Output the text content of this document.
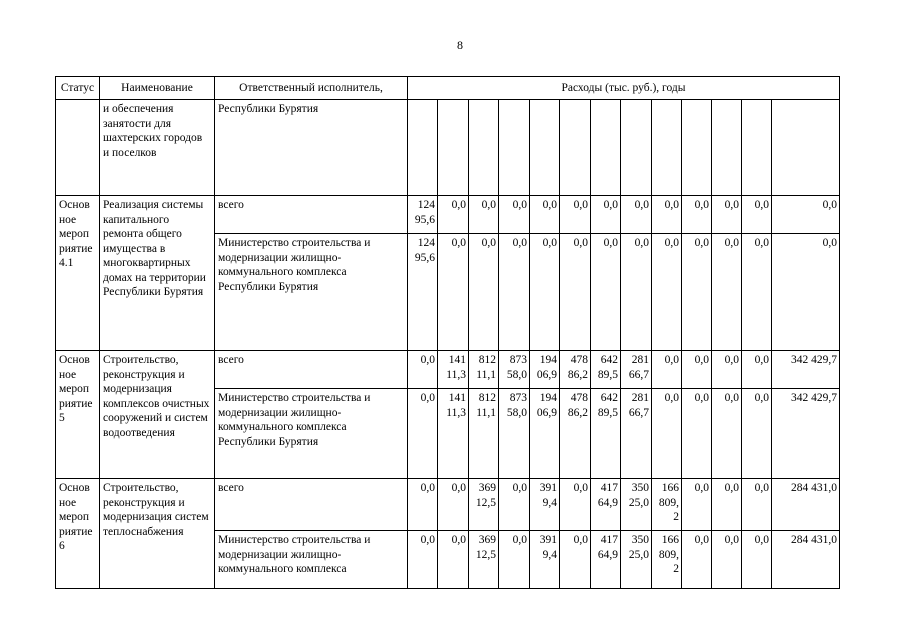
8
Статус	Наименование	Ответственный исполнитель,	Расходы (тыс. руб.), годы												
	и обеспечения занятости для шахтерских городов и поселков	Республики Бурятия													
Основ ное мероп риятие 4.1	Реализация системы капитального ремонта общего имущества в многоквартирных домах на территории Республики Бурятия	всего	124 95,6	0,0	0,0	0,0	0,0	0,0	0,0	0,0	0,0	0,0	0,0	0,0	0,0
		Министерство строительства и модернизации жилищно-коммунального комплекса Республики Бурятия	124 95,6	0,0	0,0	0,0	0,0	0,0	0,0	0,0	0,0	0,0	0,0	0,0	0,0
Основ ное мероп риятие 5	Строительство, реконструкция и модернизация комплексов очистных сооружений и систем водоотведения	всего	0,0	141 11,3	812 11,1	873 58,0	194 06,9	478 86,2	642 89,5	281 66,7	0,0	0,0	0,0	0,0	342 429,7
		Министерство строительства и модернизации жилищно-коммунального комплекса Республики Бурятия	0,0	141 11,3	812 11,1	873 58,0	194 06,9	478 86,2	642 89,5	281 66,7	0,0	0,0	0,0	0,0	342 429,7
Основ ное мероп риятие 6	Строительство, реконструкция и модернизация систем теплоснабжения	всего	0,0	0,0	369 12,5	0,0	391 9,4	0,0	417 64,9	350 25,0	166 809, 2	0,0	0,0	0,0	284 431,0
		Министерство строительства и модернизации жилищно-коммунального комплекса	0,0	0,0	369 12,5	0,0	391 9,4	0,0	417 64,9	350 25,0	166 809, 2	0,0	0,0	0,0	284 431,0
